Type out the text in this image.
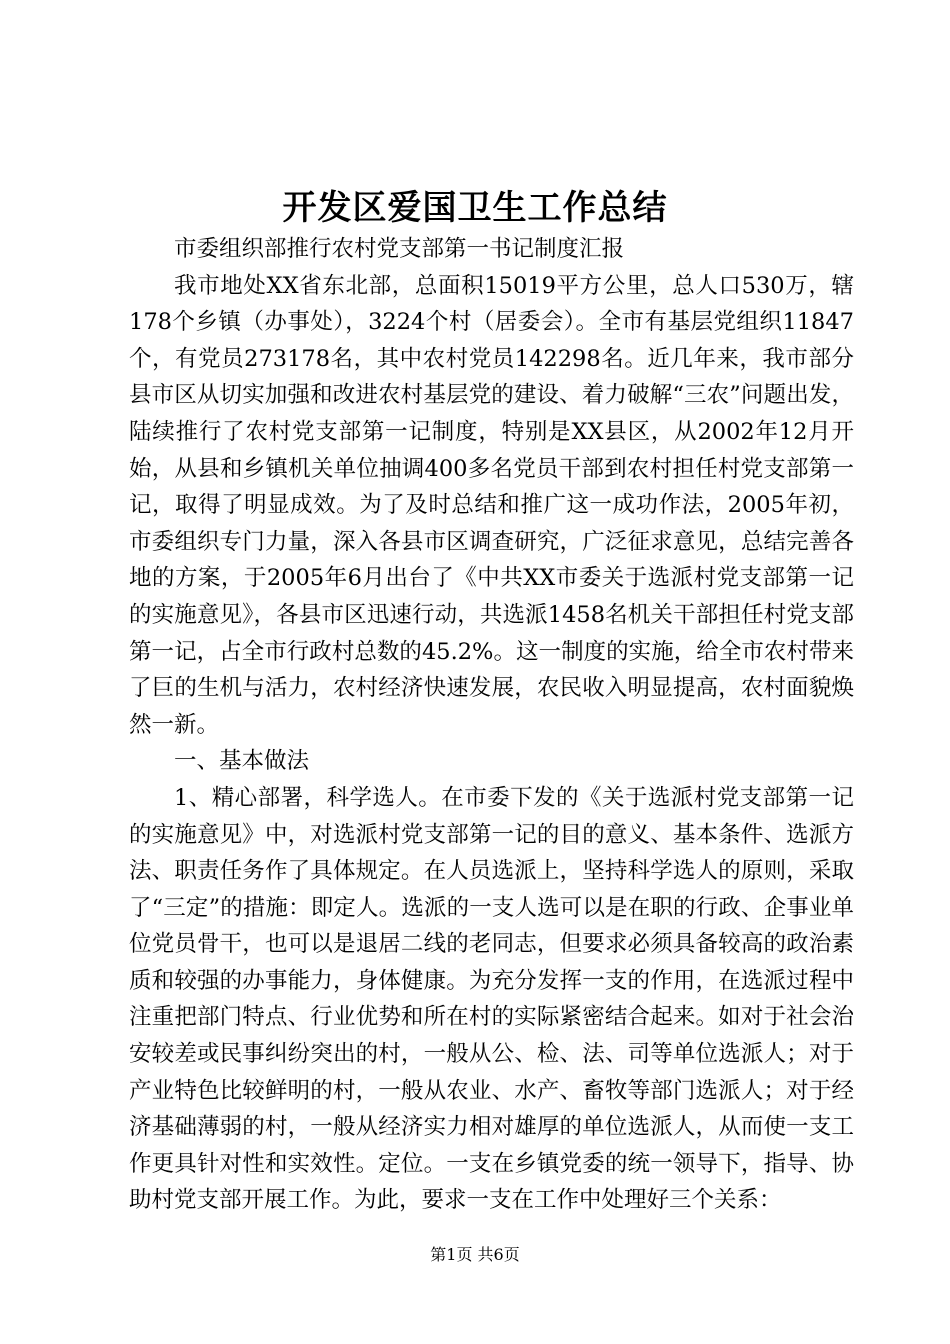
开发区爱国卫生工作总结

市委组织部推行农村党支部第一书记制度汇报

我市地处XX省东北部，总面积15019平方公里，总人口530万，辖178个乡镇（办事处），3224个村（居委会）。全市有基层党组织11847个，有党员273178名，其中农村党员142298名。近几年来，我市部分县市区从切实加强和改进农村基层党的建设、着力破解“三农”问题出发，陆续推行了农村党支部第一记制度，特别是XX县区，从2002年12月开始，从县和乡镇机关单位抽调400多名党员干部到农村担任村党支部第一记，取得了明显成效。为了及时总结和推广这一成功作法，2005年初，市委组织专门力量，深入各县市区调查研究，广泛征求意见，总结完善各地的方案，于2005年6月出台了《中共XX市委关于选派村党支部第一记的实施意见》，各县市区迅速行动，共选派1458名机关干部担任村党支部第一记，占全市行政村总数的45.2%。这一制度的实施，给全市农村带来了巨的生机与活力，农村经济快速发展，农民收入明显提高，农村面貌焕然一新。

一、基本做法

1、精心部署，科学选人。在市委下发的《关于选派村党支部第一记的实施意见》中，对选派村党支部第一记的目的意义、基本条件、选派方法、职责任务作了具体规定。在人员选派上，坚持科学选人的原则，采取了“三定”的措施：即定人。选派的一支人选可以是在职的行政、企事业单位党员骨干，也可以是退居二线的老同志，但要求必须具备较高的政治素质和较强的办事能力，身体健康。为充分发挥一支的作用，在选派过程中注重把部门特点、行业优势和所在村的实际紧密结合起来。如对于社会治安较差或民事纠纷突出的村，一般从公、检、法、司等单位选派人；对于产业特色比较鲜明的村，一般从农业、水产、畜牧等部门选派人；对于经济基础薄弱的村，一般从经济实力相对雄厚的单位选派人，从而使一支工作更具针对性和实效性。定位。一支在乡镇党委的统一领导下，指导、协助村党支部开展工作。为此，要求一支在工作中处理好三个关系：

第1页 共6页
